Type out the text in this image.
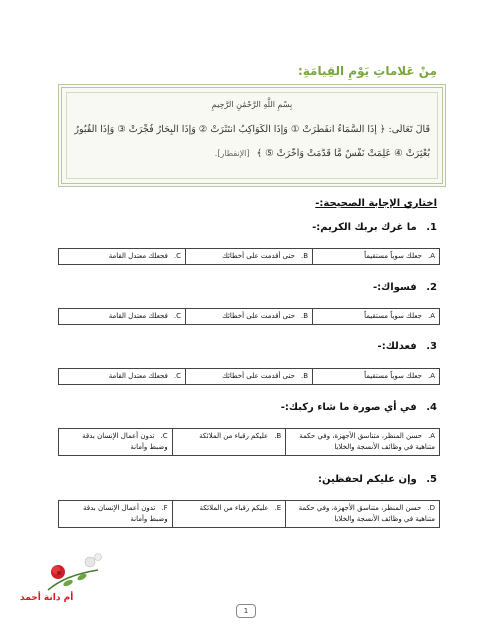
مِنْ عَلاماتِ يَوْمِ القِيامَةِ:
بِسْمِ اللَّهِ الرَّحْمَٰنِ الرَّحِيمِ
قَالَ تَعَالَى: ﴿ إِذَا السَّمَاءُ انفَطَرَتْ ① وَإِذَا الْكَوَاكِبُ انتَثَرَتْ ② وَإِذَا الْبِحَارُ فُجِّرَتْ ③ وَإِذَا الْقُبُورُ
بُعْثِرَتْ ④ عَلِمَتْ نَفْسٌ مَّا قَدَّمَتْ وَأَخَّرَتْ ⑤ ﴾ [الإنفطار].
اختاري الإجابة الصحيحة:-
1. ما غرك بربك الكريم:-
A.جعلك سوياً مستقيماً	B.حتى أقدمت على أخطائك	C.فجعلك معتدل القامة
2. فسواك:-
A.جعلك سوياً مستقيماً	B.حتى أقدمت على أخطائك	C.فجعلك معتدل القامة
3. فعدلك:-
A.جعلك سوياً مستقيماً	B.حتى أقدمت على أخطائك	C.فجعلك معتدل القامة
4. في أي صورة ما شاء ركبك:-
A.حسن المنظر، متناسق الأجهزة، وفي حكمة متناهية في وظائف الأنسجة والخلايا	B.عليكم رقباء من الملائكة	C.تدون أعمال الإنسان بدقة وضبط وأمانة
5. وإن عليكم لحفظين:
D.حسن المنظر، متناسق الأجهزة، وفي حكمة متناهية في وظائف الأنسجة والخلايا	E.عليكم رقباء من الملائكة	F.تدون أعمال الإنسان بدقة وضبط وأمانة
أم دانة أحمد
1
